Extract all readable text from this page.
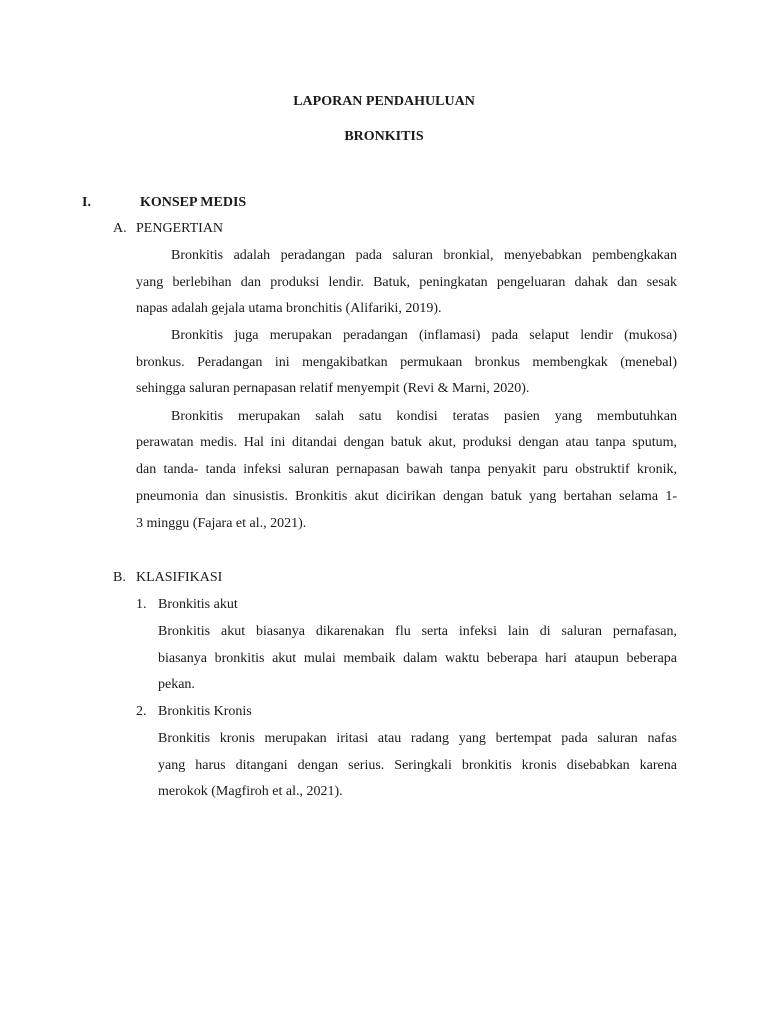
LAPORAN PENDAHULUAN
BRONKITIS
I.	KONSEP MEDIS
A. PENGERTIAN
Bronkitis adalah peradangan pada saluran bronkial, menyebabkan pembengkakan
yang berlebihan dan produksi lendir. Batuk, peningkatan pengeluaran dahak dan sesak
napas adalah gejala utama bronchitis (Alifariki, 2019).
Bronkitis juga merupakan peradangan (inflamasi) pada selaput lendir (mukosa)
bronkus. Peradangan ini mengakibatkan permukaan bronkus membengkak (menebal)
sehingga saluran pernapasan relatif menyempit (Revi & Marni, 2020).
Bronkitis merupakan salah satu kondisi teratas pasien yang membutuhkan
perawatan medis. Hal ini ditandai dengan batuk akut, produksi dengan atau tanpa sputum,
dan tanda- tanda infeksi saluran pernapasan bawah tanpa penyakit paru obstruktif kronik,
pneumonia dan sinusistis. Bronkitis akut dicirikan dengan batuk yang bertahan selama 1-
3 minggu (Fajara et al., 2021).
B. KLASIFIKASI
1. Bronkitis akut
Bronkitis akut biasanya dikarenakan flu serta infeksi lain di saluran pernafasan,
biasanya bronkitis akut mulai membaik dalam waktu beberapa hari ataupun beberapa
pekan.
2. Bronkitis Kronis
Bronkitis kronis merupakan iritasi atau radang yang bertempat pada saluran nafas
yang harus ditangani dengan serius. Seringkali bronkitis kronis disebabkan karena
merokok (Magfiroh et al., 2021).
